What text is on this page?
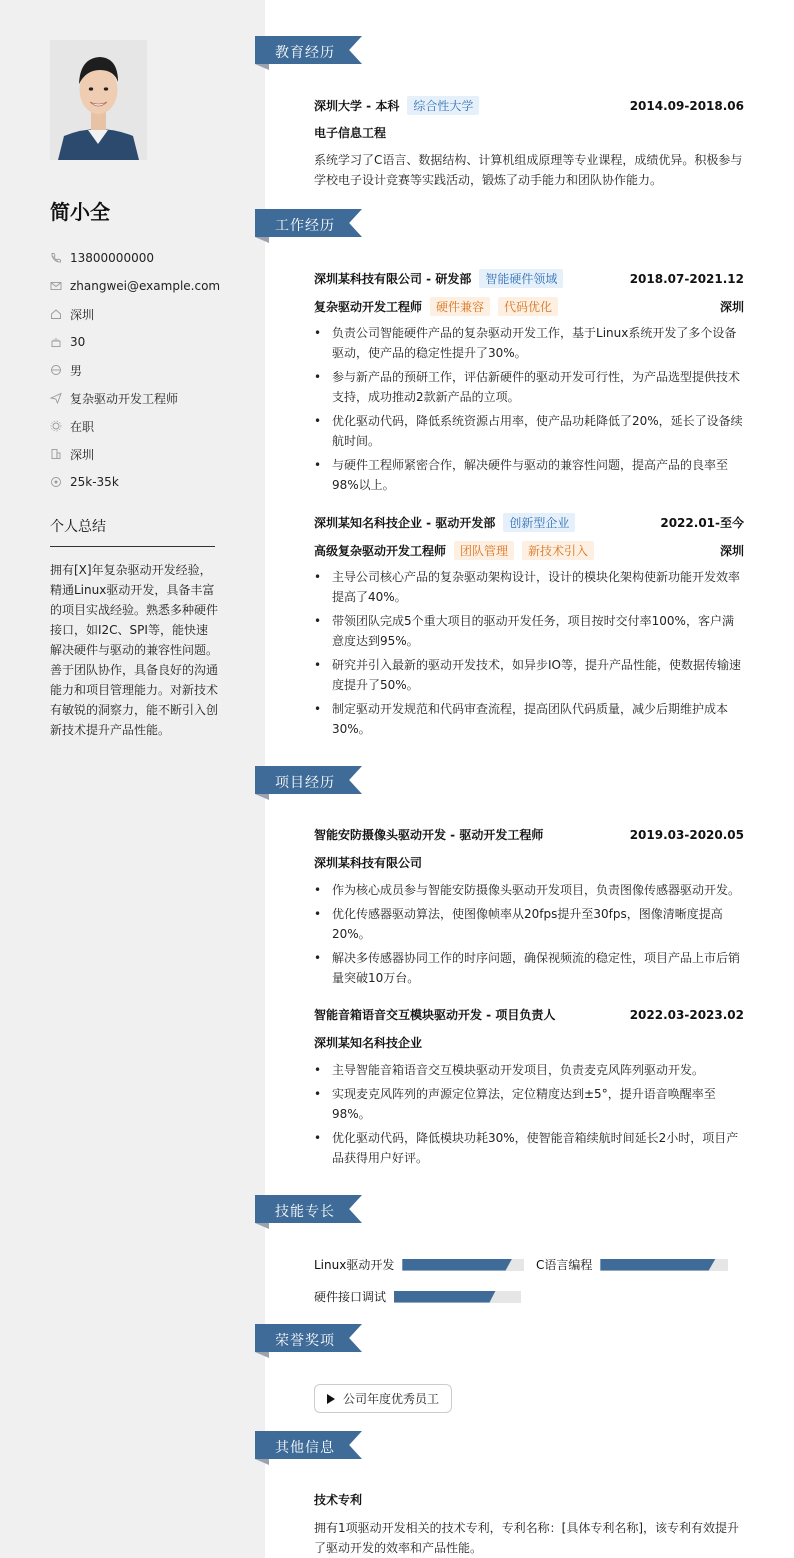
简小全
13800000000
zhangwei@example.com
深圳
30
男
复杂驱动开发工程师
在职
深圳
25k-35k
个人总结
拥有[X]年复杂驱动开发经验，精通Linux驱动开发，具备丰富的项目实战经验。熟悉多种硬件接口，如I2C、SPI等，能快速解决硬件与驱动的兼容性问题。善于团队协作，具备良好的沟通能力和项目管理能力。对新技术有敏锐的洞察力，能不断引入创新技术提升产品性能。
教育经历
深圳大学 - 本科	综合性大学	2014.09-2018.06
电子信息工程
系统学习了C语言、数据结构、计算机组成原理等专业课程，成绩优异。积极参与学校电子设计竞赛等实践活动，锻炼了动手能力和团队协作能力。
工作经历
深圳某科技有限公司 - 研发部	智能硬件领域	2018.07-2021.12
复杂驱动开发工程师	硬件兼容	代码优化	深圳
• 负责公司智能硬件产品的复杂驱动开发工作，基于Linux系统开发了多个设备驱动，使产品的稳定性提升了30%。
• 参与新产品的预研工作，评估新硬件的驱动开发可行性，为产品选型提供技术支持，成功推动2款新产品的立项。
• 优化驱动代码，降低系统资源占用率，使产品功耗降低了20%，延长了设备续航时间。
• 与硬件工程师紧密合作，解决硬件与驱动的兼容性问题，提高产品的良率至98%以上。
深圳某知名科技企业 - 驱动开发部	创新型企业	2022.01-至今
高级复杂驱动开发工程师	团队管理	新技术引入	深圳
• 主导公司核心产品的复杂驱动架构设计，设计的模块化架构使新功能开发效率提高了40%。
• 带领团队完成5个重大项目的驱动开发任务，项目按时交付率100%，客户满意度达到95%。
• 研究并引入最新的驱动开发技术，如异步IO等，提升产品性能，使数据传输速度提升了50%。
• 制定驱动开发规范和代码审查流程，提高团队代码质量，减少后期维护成本30%。
项目经历
智能安防摄像头驱动开发 - 驱动开发工程师	2019.03-2020.05
深圳某科技有限公司
• 作为核心成员参与智能安防摄像头驱动开发项目，负责图像传感器驱动开发。
• 优化传感器驱动算法，使图像帧率从20fps提升至30fps，图像清晰度提高20%。
• 解决多传感器协同工作的时序问题，确保视频流的稳定性，项目产品上市后销量突破10万台。
智能音箱语音交互模块驱动开发 - 项目负责人	2022.03-2023.02
深圳某知名科技企业
• 主导智能音箱语音交互模块驱动开发项目，负责麦克风阵列驱动开发。
• 实现麦克风阵列的声源定位算法，定位精度达到±5°，提升语音唤醒率至98%。
• 优化驱动代码，降低模块功耗30%，使智能音箱续航时间延长2小时，项目产品获得用户好评。
技能专长
Linux驱动开发	C语言编程
硬件接口调试
荣誉奖项
公司年度优秀员工
其他信息
技术专利
拥有1项驱动开发相关的技术专利，专利名称：[具体专利名称]，该专利有效提升了驱动开发的效率和产品性能。
